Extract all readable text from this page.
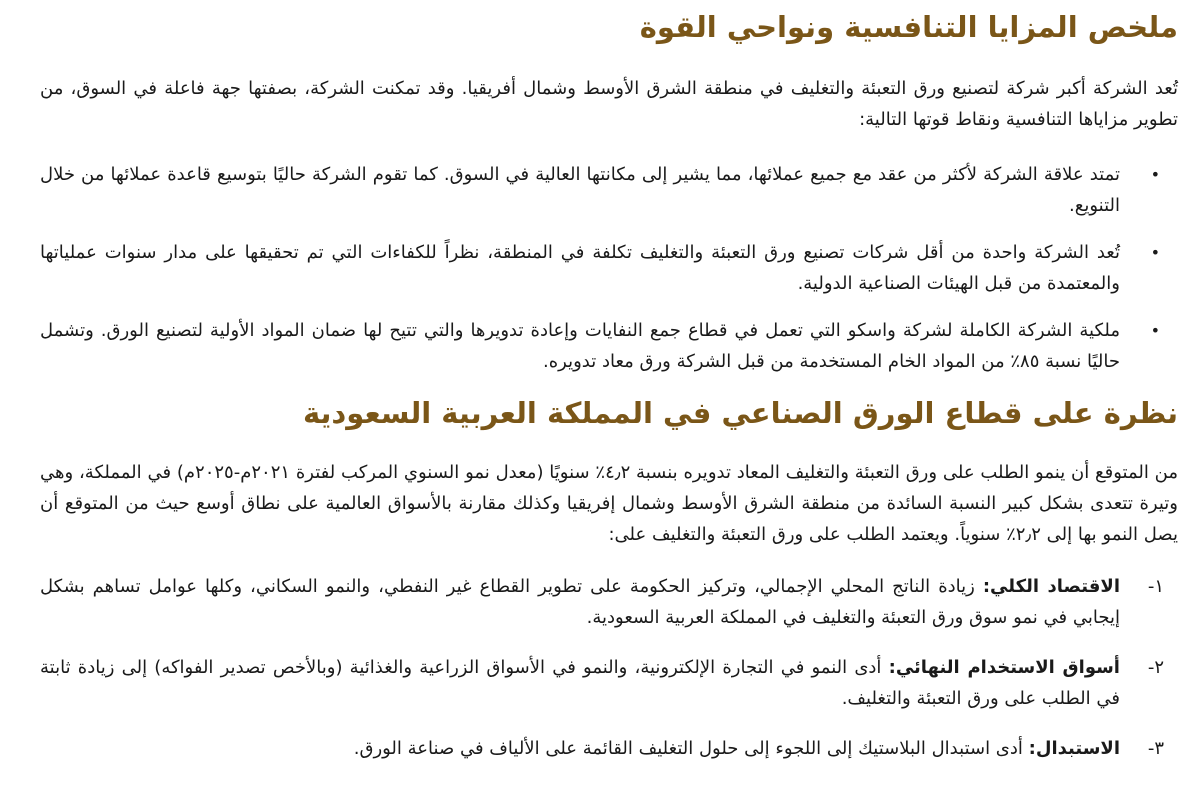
ملخص المزايا التنافسية ونواحي القوة

تُعد الشركة أكبر شركة لتصنيع ورق التعبئة والتغليف في منطقة الشرق الأوسط وشمال أفريقيا. وقد تمكنت الشركة، بصفتها جهة فاعلة في السوق، من تطوير مزاياها التنافسية ونقاط قوتها التالية:

•
تمتد علاقة الشركة لأكثر من عقد مع جميع عملائها، مما يشير إلى مكانتها العالية في السوق. كما تقوم الشركة حاليًا بتوسيع قاعدة عملائها من خلال التنويع.
•
تُعد الشركة واحدة من أقل شركات تصنيع ورق التعبئة والتغليف تكلفة في المنطقة، نظراً للكفاءات التي تم تحقيقها على مدار سنوات عملياتها والمعتمدة من قبل الهيئات الصناعية الدولية.
•
ملكية الشركة الكاملة لشركة واسكو التي تعمل في قطاع جمع النفايات وإعادة تدويرها والتي تتيح لها ضمان المواد الأولية لتصنيع الورق. وتشمل حاليًا نسبة ٨٥٪ من المواد الخام المستخدمة من قبل الشركة ورق معاد تدويره.
نظرة على قطاع الورق الصناعي في المملكة العربية السعودية

من المتوقع أن ينمو الطلب على ورق التعبئة والتغليف المعاد تدويره بنسبة ٤٫٢٪ سنويًا (معدل نمو السنوي المركب لفترة ٢٠٢١م-٢٠٢٥م) في المملكة، وهي وتيرة تتعدى بشكل كبير النسبة السائدة من منطقة الشرق الأوسط وشمال إفريقيا وكذلك مقارنة بالأسواق العالمية على نطاق أوسع حيث من المتوقع أن يصل النمو بها إلى ٢٫٢٪ سنوياً. ويعتمد الطلب على ورق التعبئة والتغليف على:

١-
الاقتصاد الكلي: زيادة الناتج المحلي الإجمالي، وتركيز الحكومة على تطوير القطاع غير النفطي، والنمو السكاني، وكلها عوامل تساهم بشكل إيجابي في نمو سوق ورق التعبئة والتغليف في المملكة العربية السعودية.
٢-
أسواق الاستخدام النهائي: أدى النمو في التجارة الإلكترونية، والنمو في الأسواق الزراعية والغذائية (وبالأخص تصدير الفواكه) إلى زيادة ثابتة في الطلب على ورق التعبئة والتغليف.
٣-
الاستبدال: أدى استبدال البلاستيك إلى اللجوء إلى حلول التغليف القائمة على الألياف في صناعة الورق.
